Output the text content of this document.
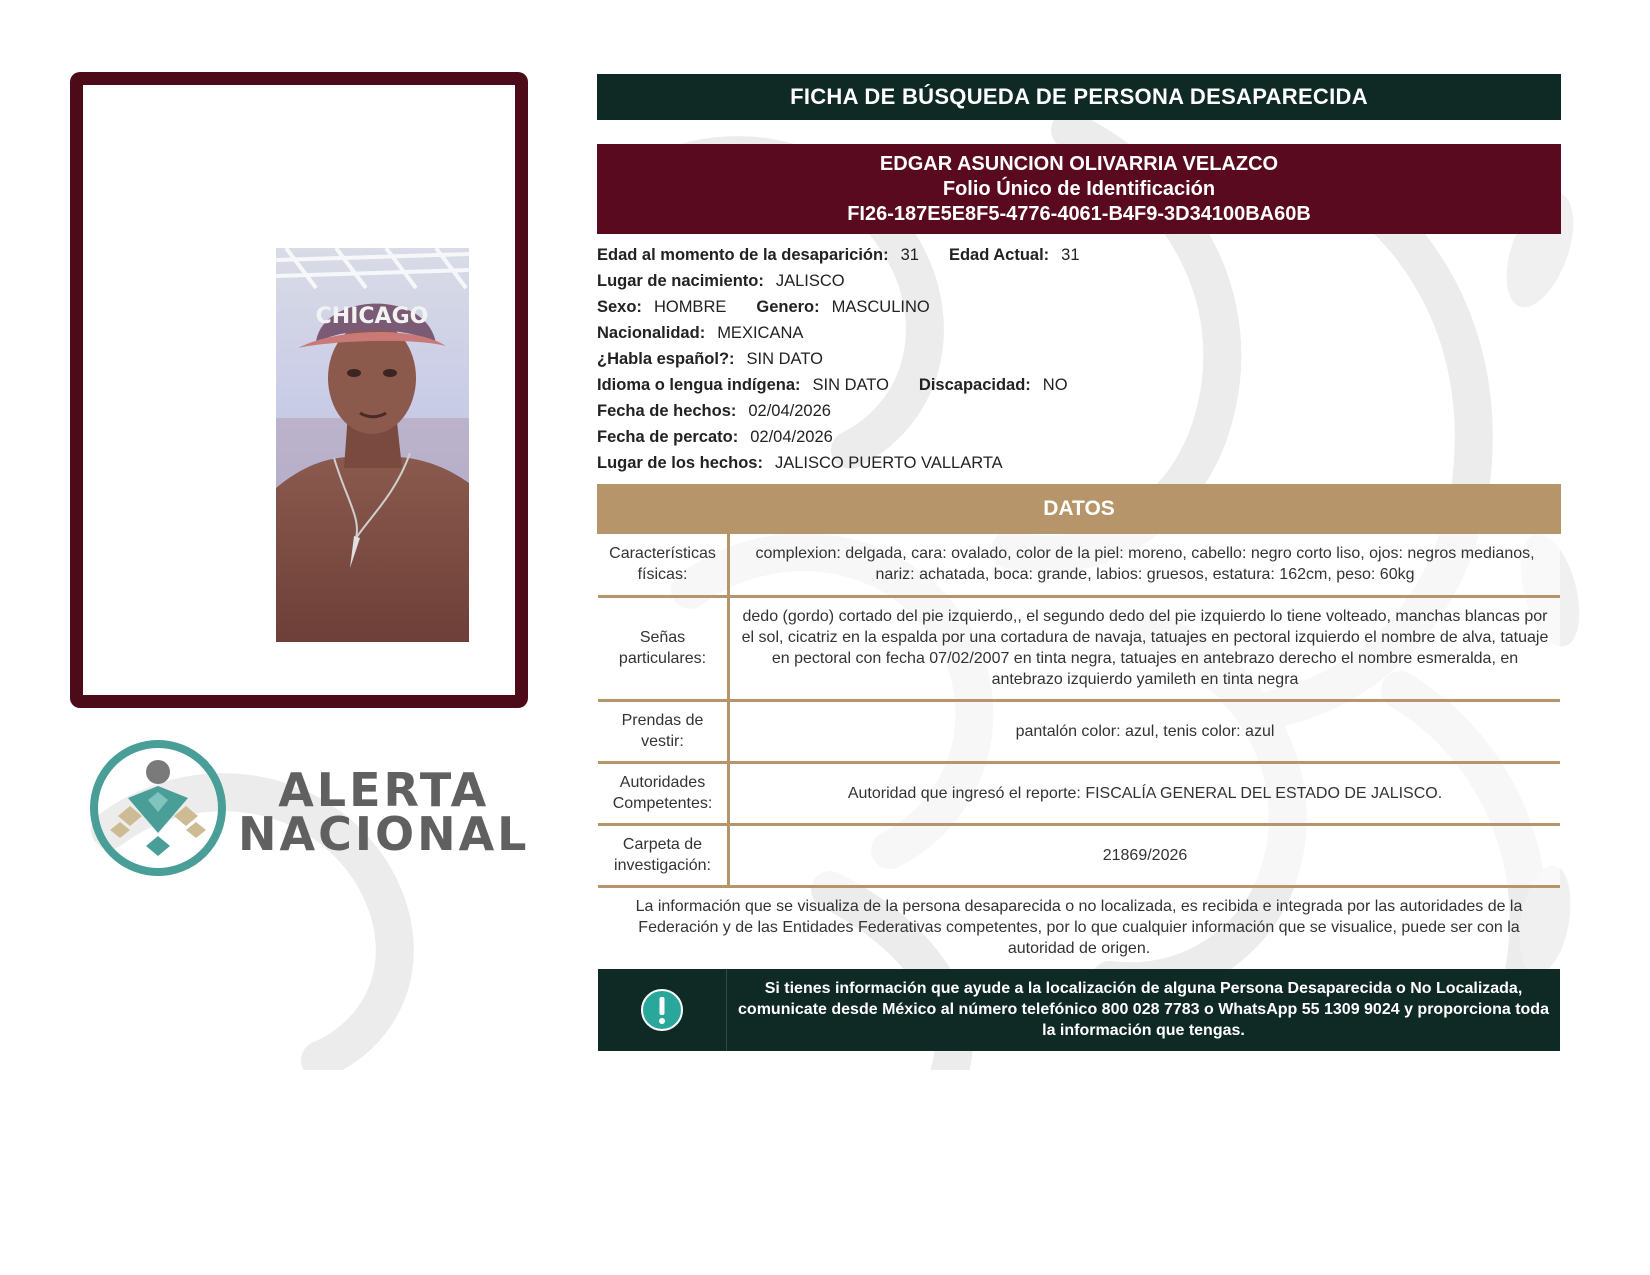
CHICAGO
ALERTA
NACIONAL
FICHA DE BÚSQUEDA DE PERSONA DESAPARECIDA
EDGAR ASUNCION OLIVARRIA VELAZCO
Folio Único de Identificación
FI26-187E5E8F5-4776-4061-B4F9-3D34100BA60B
Edad al momento de la desaparición: 31 Edad Actual: 31
Lugar de nacimiento: JALISCO
Sexo: HOMBRE Genero: MASCULINO
Nacionalidad: MEXICANA
¿Habla español?: SIN DATO
Idioma o lengua indígena: SIN DATO Discapacidad: NO
Fecha de hechos: 02/04/2026
Fecha de percato: 02/04/2026
Lugar de los hechos: JALISCO PUERTO VALLARTA
DATOS
Características físicas:	complexion: delgada, cara: ovalado, color de la piel: moreno, cabello: negro corto liso, ojos: negros medianos, nariz: achatada, boca: grande, labios: gruesos, estatura: 162cm, peso: 60kg
Señas particulares:	dedo (gordo) cortado del pie izquierdo,, el segundo dedo del pie izquierdo lo tiene volteado, manchas blancas por el sol, cicatriz en la espalda por una cortadura de navaja, tatuajes en pectoral izquierdo el nombre de alva, tatuaje en pectoral con fecha 07/02/2007 en tinta negra, tatuajes en antebrazo derecho el nombre esmeralda, en antebrazo izquierdo yamileth en tinta negra
Prendas de vestir:	pantalón color: azul, tenis color: azul
Autoridades Competentes:	Autoridad que ingresó el reporte: FISCALÍA GENERAL DEL ESTADO DE JALISCO.
Carpeta de investigación:	21869/2026
La información que se visualiza de la persona desaparecida o no localizada, es recibida e integrada por las autoridades de la Federación y de las Entidades Federativas competentes, por lo que cualquier información que se visualice, puede ser con la autoridad de origen.
Si tienes información que ayude a la localización de alguna Persona Desaparecida o No Localizada, comunicate desde México al número telefónico 800 028 7783 o WhatsApp 55 1309 9024 y proporciona toda la información que tengas.
